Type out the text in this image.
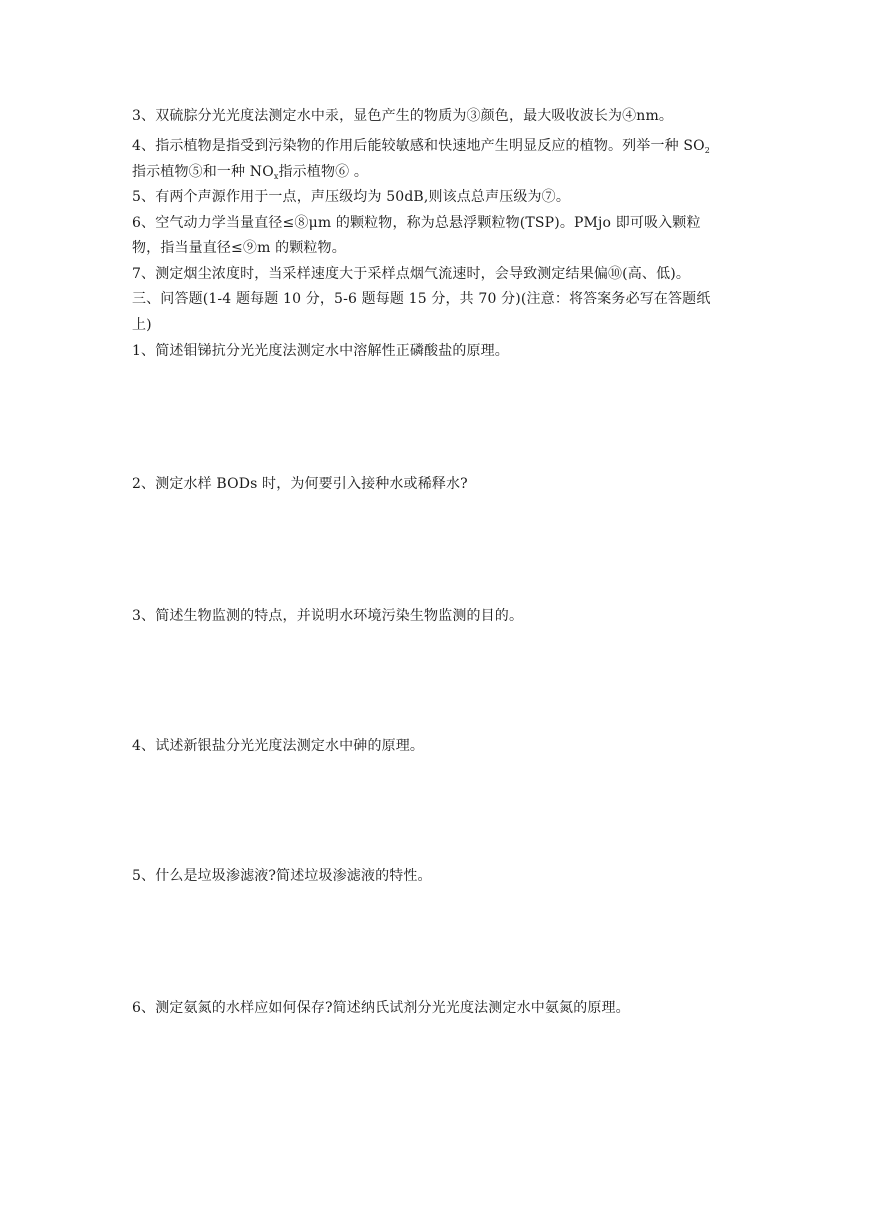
3、双硫腙分光光度法测定水中汞，显色产生的物质为③颜色，最大吸收波长为④nm。
4、指示植物是指受到污染物的作用后能较敏感和快速地产生明显反应的植物。列举一种 $SO_2$
指示植物⑤和一种 $NO_x$指示植物⑥ 。
5、有两个声源作用于一点，声压级均为 50dB,则该点总声压级为⑦。
6、空气动力学当量直径≤⑧μm 的颗粒物，称为总悬浮颗粒物(TSP)。PMjo 即可吸入颗粒
物，指当量直径≤⑨m 的颗粒物。
7、测定烟尘浓度时，当采样速度大于采样点烟气流速时，会导致测定结果偏⑩(高、低)。
三、问答题(1-4 题每题 10 分，5-6 题每题 15 分，共 70 分)(注意：将答案务必写在答题纸
上)
1、简述钼锑抗分光光度法测定水中溶解性正磷酸盐的原理。
2、测定水样 BODs 时，为何要引入接种水或稀释水?
3、简述生物监测的特点，并说明水环境污染生物监测的目的。
4、试述新银盐分光光度法测定水中砷的原理。
5、什么是垃圾渗滤液?简述垃圾渗滤液的特性。
6、测定氨氮的水样应如何保存?简述纳氏试剂分光光度法测定水中氨氮的原理。
